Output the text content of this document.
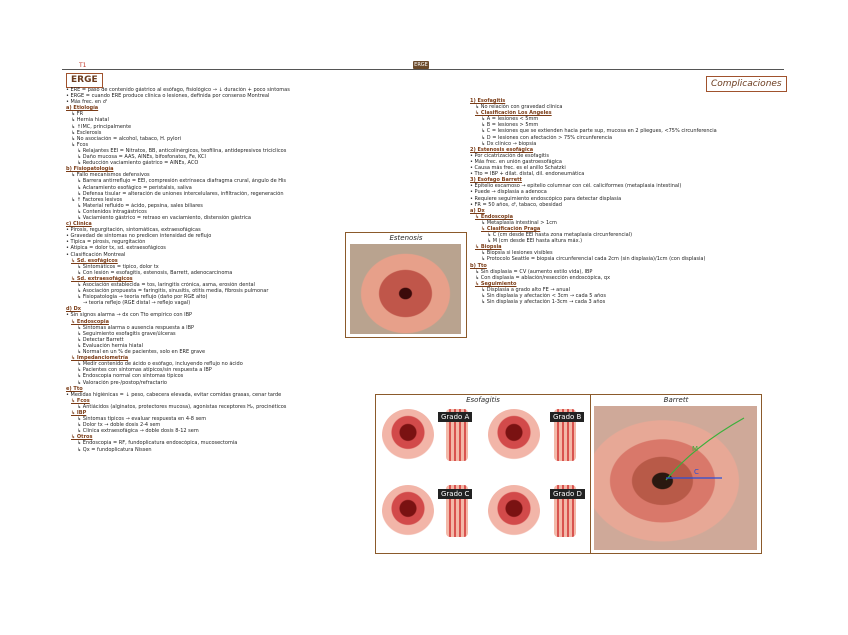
ERGE
T1
ERGE	Complicaciones
• ERE = paso de contenido gástrico al esófago, fisiológico → ↓ duración + poco sintomas
• ERGE = cuando ERE produce clínica o lesiones, definida por consenso Montreal
• Más frec. en ♂
a) Etiología
↳ FR
↳ Hernia hiatal
↳ ↑IMC, principalmente
↳ Esclerosis
↳ No asociación = alcohol, tabaco, H. pylori
↳ Fcos
↳ Relajantes EEI = Nitratos, BB, anticolinérgicos, teofilina, antidepresivos tricíclicos
↳ Daño mucosa = AAS, AINEs, bifosfonatos, Fe, KCl
↳ Reducción vaciamiento gástrico = AINEs, ACO
b) Fisiopatología
↳ Fallo mecanismos defensivos
↳ Barrera antirreflujo = EEI, compresión extrínseca diafragma crural, ángulo de His
↳ Aclaramiento esofágico = peristalsis, saliva
↳ Defensa tisular = alteración de uniones intercelulares, infiltración, regeneración
↳ ↑ Factores lesivos
↳ Material refluido = ácido, pepsina, sales biliares
↳ Contenidos intragástricos
↳ Vaciamiento gástrico = retraso en vaciamiento, distensión gástrica
c) Clínica
• Pirosis, regurgitación, sintomáticas, extraesofágicas
• Gravedad de síntomas no predicen intensidad de reflujo
• Típica = pirosis, regurgitación
• Atípica = dolor tx, sd. extraesofágicos
• Clasificación Montreal
↳ Sd. esofágicos
↳ Sintomáticos = típico, dolor tx
↳ Con lesión = esofagitis, estenosis, Barrett, adenocarcinoma
↳ Sd. extraesofágicos
↳ Asociación establecida = tos, laringitis crónica, asma, erosión dental
↳ Asociación propuesta = faringitis, sinusitis, otitis media, fibrosis pulmonar
↳ Fisiopatología → teoría reflujo (daño por RGE alto)
→ teoría reflejo (RGE distal → reflejo vagal)
d) Dx
• Sin signos alarma → dx con Tto empírico con IBP
↳ Endoscopia
↳ Síntomas alarma o ausencia respuesta a IBP
↳ Seguimiento esofagitis grave/úlceras
↳ Detectar Barrett
↳ Evaluación hernia hiatal
↳ Normal en un % de pacientes, solo en ERE grave
↳ Impedanciometría
↳ Medir contenido de ácido o esófago, incluyendo reflujo no ácido
↳ Pacientes con síntomas atípicos/sin respuesta a IBP
↳ Endoscopia normal con síntomas típicos
↳ Valoración pre-/postop/refractario
e) Tto
• Medidas higiénicas = ↓ peso, cabecera elevada, evitar comidas grasas, cenar tarde
↳ Fcos
↳ Antiácidos (alginatos, protectores mucosa), agonistas receptores H₂, procinéticos
↳ IBP
↳ Síntomas típicos → evaluar respuesta en 4-8 sem
↳ Dolor tx → doble dosis 2-4 sem
↳ Clínica extraesofágica → doble dosis 8-12 sem
↳ Otros
↳ Endoscopia = RF, fundoplicatura endoscópica, mucosectomía
↳ Qx = fundoplicatura Nissen
1) Esofagitis
↳ No relación con gravedad clínica
↳ Clasificación Los Ángeles
↳ A = lesiones < 5mm
↳ B = lesiones > 5mm
↳ C = lesiones que se extienden hacia parte sup, mucosa en 2 pliegues, <75% circunferencia
↳ D = lesiones con afectación > 75% circunferencia
↳ Dx clínico → biopsia
2) Estenosis esofágica
• Por cicatrización de esofagitis
• Más frec. en unión gastroesofágica
• Causa más frec. es el anillo Schatzki
• Tto = IBP + dilat. distal, dil. endoneumática
3) Esófago Barrett
• Epitelio escamoso → epitelio columnar con cél. caliciformes (metaplasia intestinal)
• Puede → displasia a adenoca
• Requiere seguimiento endoscópico para detectar displasia
• FR = 50 años, ♂, tabaco, obesidad
a) Dx
↳ Endoscopia
↳ Metaplasia intestinal > 1cm
↳ Clasificación Praga
↳ C (cm desde EEI hasta zona metaplasia circunferencial)
↳ M (cm desde EEI hasta altura máx.)
↳ Biopsia
↳ Biopsia si lesiones visibles
↳ Protocolo Seattle = biopsia circunferencial cada 2cm (sin displasia)/1cm (con displasia)
b) Tto
↳ Sin displasia = CV (aumento estilo vida), IBP
↳ Con displasia = ablación/resección endoscópica, qx
↳ Seguimiento
↳ Displasia a grado alto FE → anual
↳ Sin displasia y afectación < 3cm → cada 5 años
↳ Sin displasia y afectación 1-3cm → cada 3 años
Estenosis
Esofagitis
Grado A	Grado B
Grado C	Grado D
Barrett
M
C
